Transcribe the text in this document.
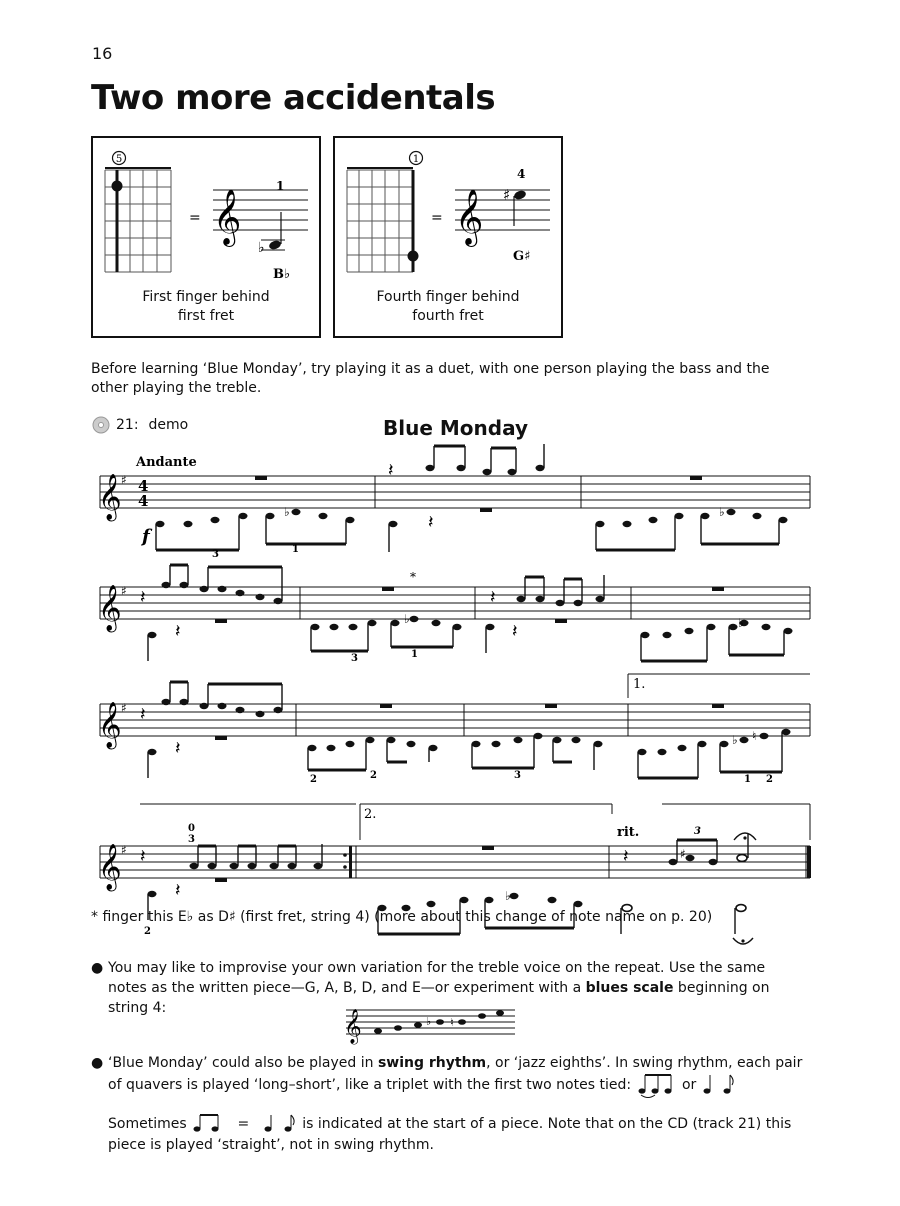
16
Two more accidentals
5
= 𝄞
♭
1
B♭
First finger behind
first fret
1
= 𝄞 ♯
4
G♯
Fourth finger behind
fourth fret
Before learning ‘Blue Monday’, try playing it as a duet, with one person playing the bass and the other playing the treble.
21: demo	Blue Monday
Andante
𝄞 ♯ 4
4
f
♭	♭
3	1
𝄽
𝄽
*
𝄞 ♯ 𝄽	𝄽
♭	♭
𝄽	𝄽
3	1
1.
𝄞 ♯ 𝄽
♭ ♮
𝄽
2	2	3	1 2
2.
rit.
𝄞 ♯ 𝄽	𝄽
0
3
♯
3
♭
𝄽
2
* finger this E♭ as D♯ (first fret, string 4) (more about this change of note name on p. 20)
● You may like to improvise your own variation for the treble voice on the repeat. Use the same notes as the written piece—G, A, B, D, and E—or experiment with a blues scale beginning on string 4:
𝄞	♭ ♮
● ‘Blue Monday’ could also be played in swing rhythm, or ‘jazz eighths’. In swing rhythm, each pair of quavers is played ‘long–short’, like a triplet with the first two notes tied:	or
Sometimes	=	is indicated at the start of a piece. Note that on the CD (track 21) this piece is played ‘straight’, not in swing rhythm.
